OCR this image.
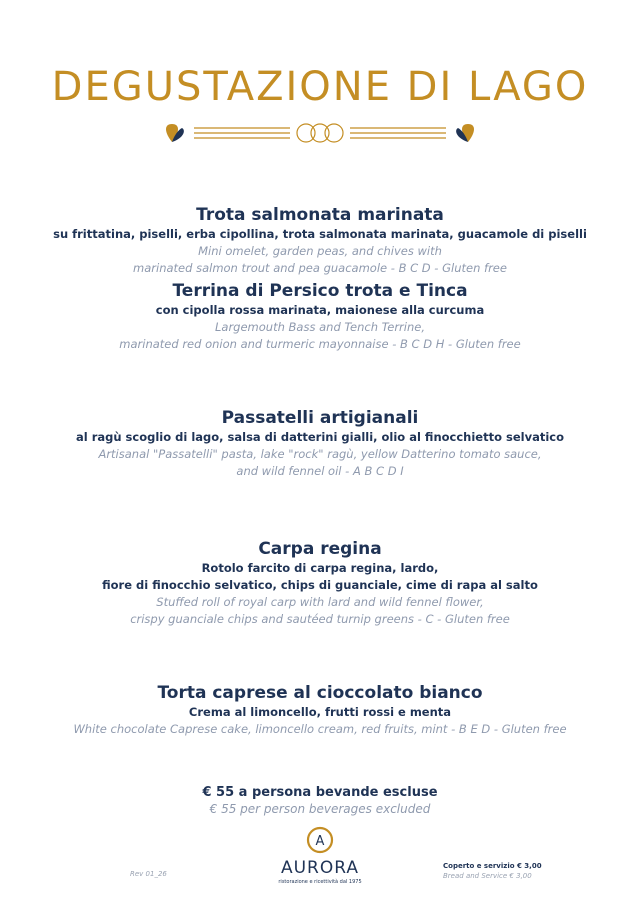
DEGUSTAZIONE DI LAGO
Trota salmonata marinata
su frittatina, piselli, erba cipollina, trota salmonata marinata, guacamole di piselli
Mini omelet, garden peas, and chives with
marinated salmon trout and pea guacamole - B C D - Gluten free
Terrina di Persico trota e Tinca
con cipolla rossa marinata, maionese alla curcuma
Largemouth Bass and Tench Terrine,
marinated red onion and turmeric mayonnaise - B C D H - Gluten free
Passatelli artigianali
al ragù scoglio di lago, salsa di datterini gialli, olio al finocchietto selvatico
Artisanal "Passatelli" pasta, lake "rock" ragù, yellow Datterino tomato sauce,
and wild fennel oil - A B C D I
Carpa regina
Rotolo farcito di carpa regina, lardo,
fiore di finocchio selvatico, chips di guanciale, cime di rapa al salto
Stuffed roll of royal carp with lard and wild fennel flower,
crispy guanciale chips and sautéed turnip greens - C - Gluten free
Torta caprese al cioccolato bianco
Crema al limoncello, frutti rossi e menta
White chocolate Caprese cake, limoncello cream, red fruits, mint - B E D - Gluten free
€ 55 a persona bevande escluse
€ 55 per person beverages excluded
Rev 01_26
A
AURORA
ristorazione e ricettività dal 1975
Coperto e servizio € 3,00
Bread and Service € 3,00
